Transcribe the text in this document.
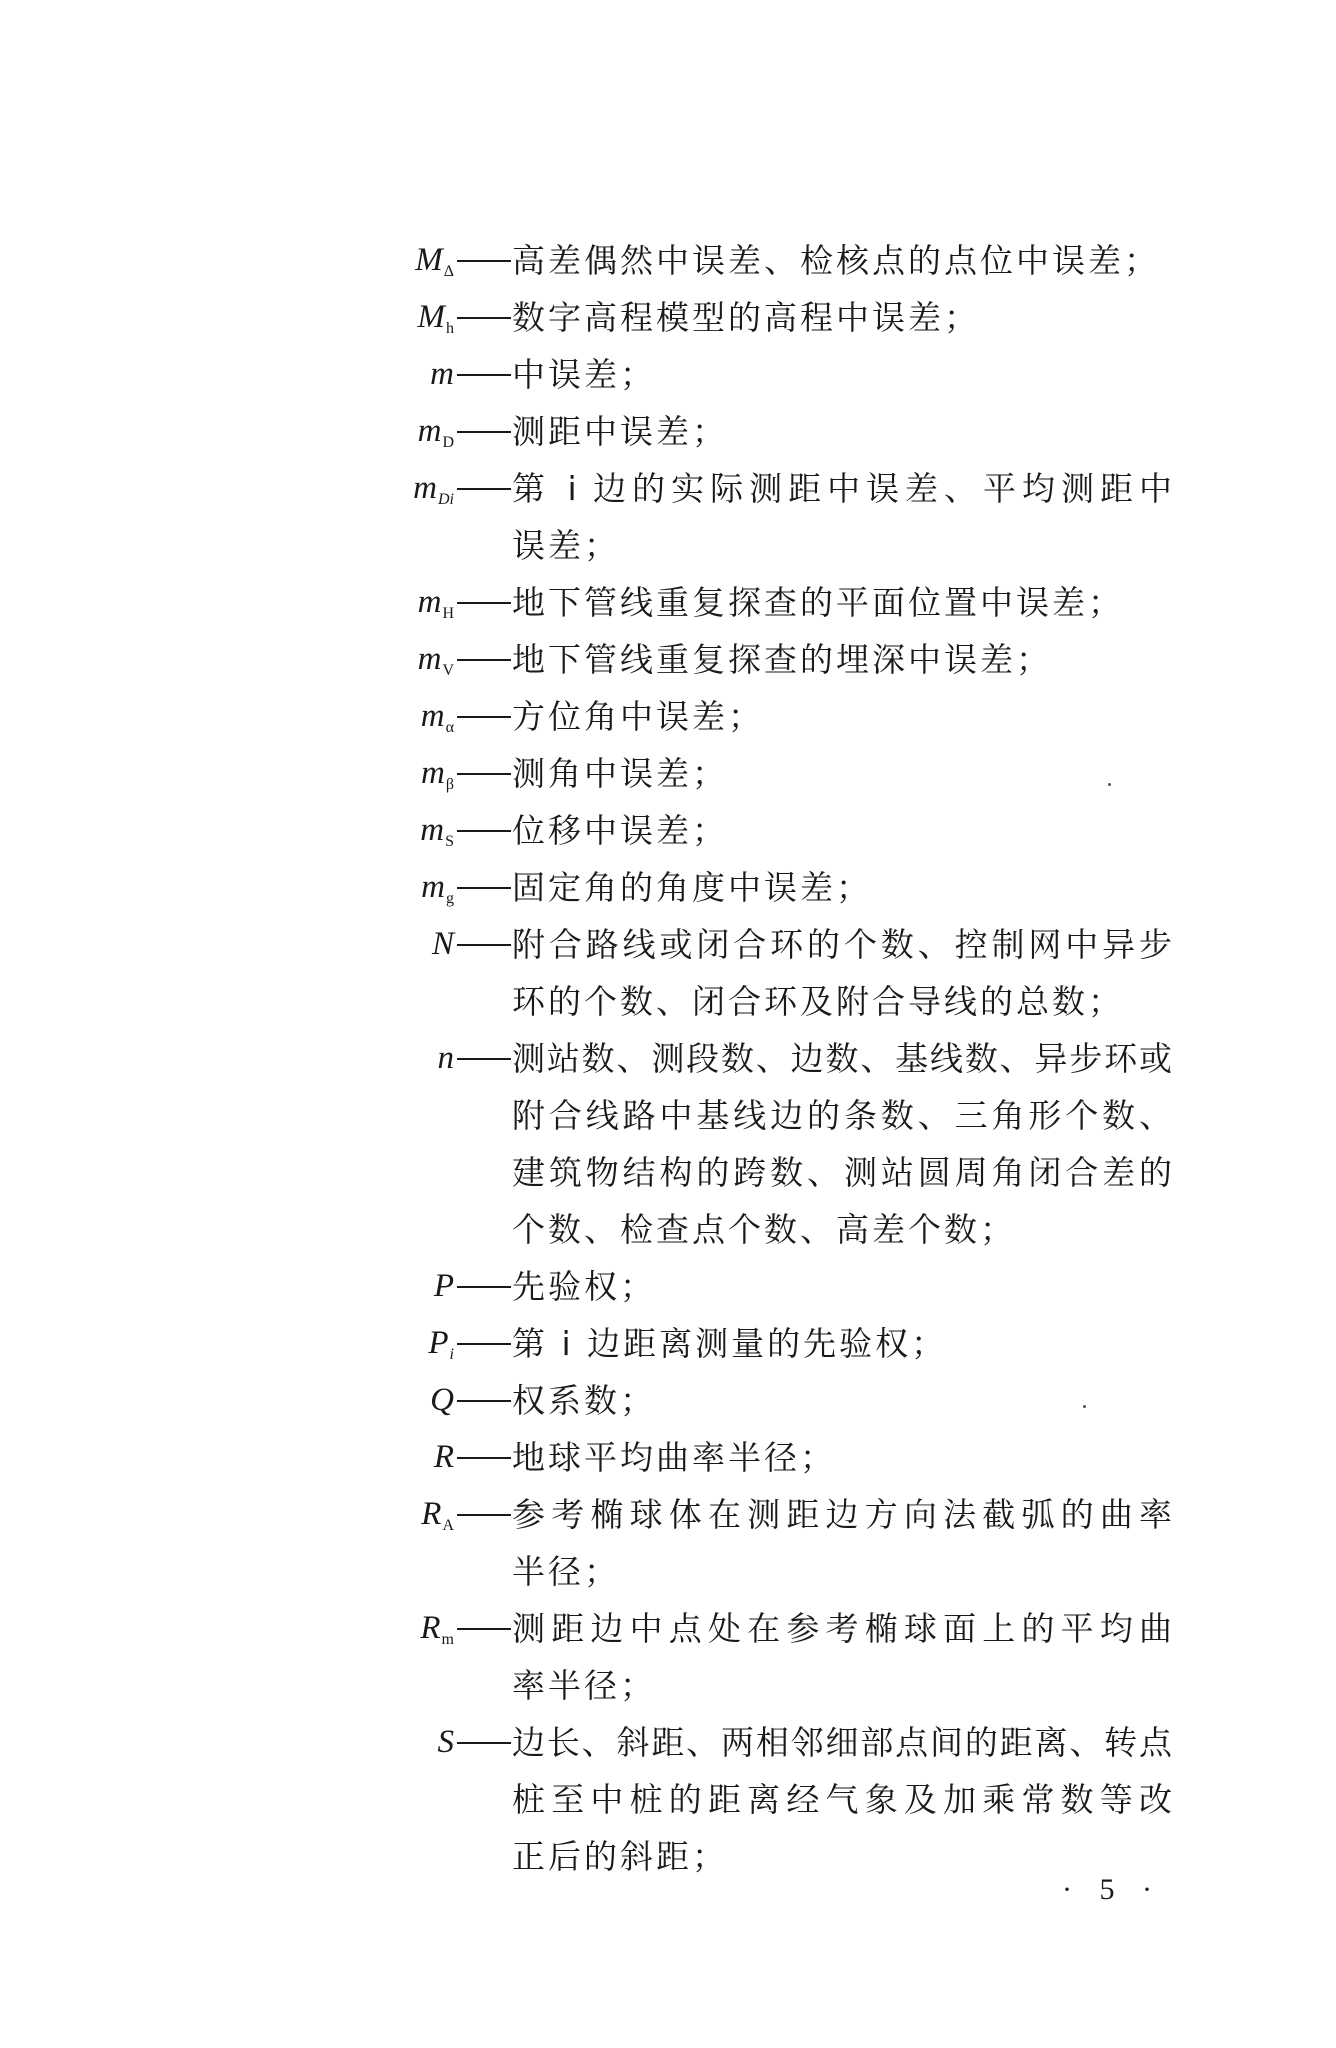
$M_\Delta$ 高差偶然中误差、检核点的点位中误差；
$M_h$ 数字高程模型的高程中误差；
m 中误差；
$m_D$ 测距中误差；
$m_{Di}$ 第 i 边的实际测距中误差、平均测距中
误差；
$m_H$ 地下管线重复探查的平面位置中误差；
$m_V$ 地下管线重复探查的埋深中误差；
$m_\alpha$ 方位角中误差；
$m_\beta$ 测角中误差；
$m_S$ 位移中误差；
$m_g$ 固定角的角度中误差；
N 附合路线或闭合环的个数、控制网中异步
环的个数、闭合环及附合导线的总数；
n 测站数、测段数、边数、基线数、异步环或
附合线路中基线边的条数、三角形个数、
建筑物结构的跨数、测站圆周角闭合差的
个数、检查点个数、高差个数；
P 先验权；
$P_i$ 第 i 边距离测量的先验权；
Q 权系数；
R 地球平均曲率半径；
$R_A$ 参考椭球体在测距边方向法截弧的曲率
半径；
$R_m$ 测距边中点处在参考椭球面上的平均曲
率半径；
S 边长、斜距、两相邻细部点间的距离、转点
桩至中桩的距离经气象及加乘常数等改
正后的斜距；
· 5 ·
